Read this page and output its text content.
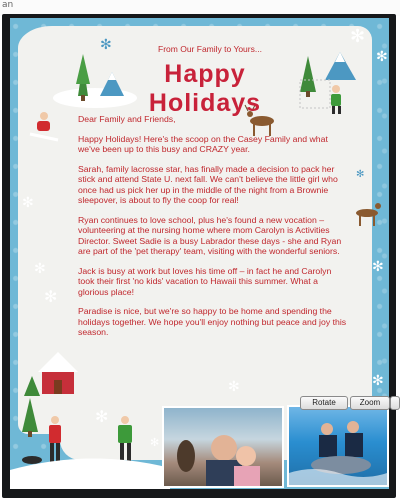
an
✻	✻
✻
✻
✻
✻
✻
✻
✻
✻	✻
✻
From Our Family to Yours...
Happy Holidays

Dear Family and Friends,

Happy Holidays! Here's the scoop on the Casey Family and what we've been up to this busy and CRAZY year.

Sarah, family lacrosse star, has finally made a decision to pack her stick and attend State U. next fall. We can't believe the little girl who once had us pick her up in the middle of the night from a Brownie sleepover, is about to fly the coop for real!

Ryan continues to love school, plus he's found a new vocation – volunteering at the nursing home where mom Carolyn is Activities Director. Sweet Sadie is a busy Labrador these days - she and Ryan are part of the 'pet therapy' team, visiting with the wonderful seniors.

Jack is busy at work but loves his time off – in fact he and Carolyn took their first 'no kids' vacation to Hawaii this summer. What a glorious place!

Paradise is nice, but we're so happy to be home and spending the holidays together. We hope you'll enjoy nothing but peace and joy this season.

Rotate	Zoom
